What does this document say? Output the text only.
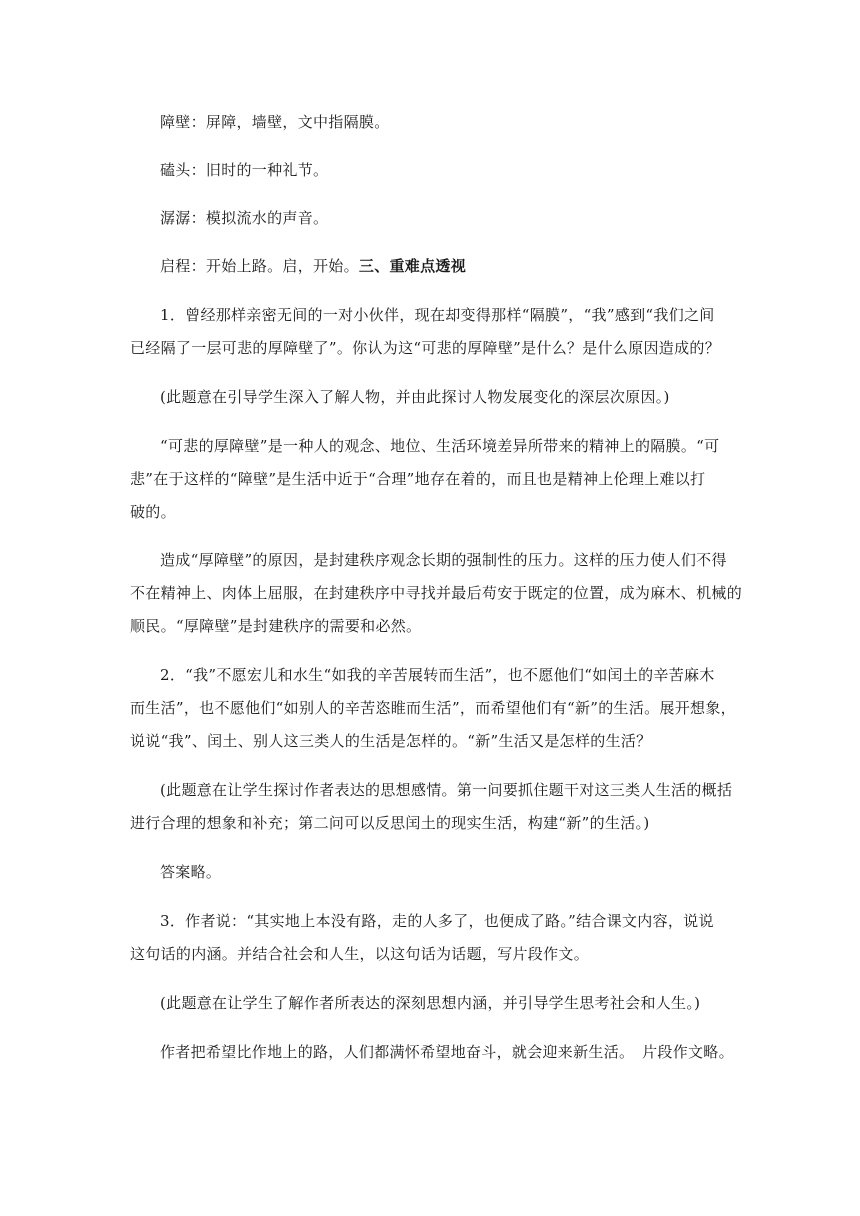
障壁：屏障，墙壁，文中指隔膜。
磕头：旧时的一种礼节。
潺潺：模拟流水的声音。
启程：开始上路。启，开始。三、重难点透视
1．曾经那样亲密无间的一对小伙伴，现在却变得那样“隔膜”，“我”感到“我们之间
已经隔了一层可悲的厚障壁了”。你认为这“可悲的厚障壁”是什么？是什么原因造成的？
(此题意在引导学生深入了解人物，并由此探讨人物发展变化的深层次原因。)
“可悲的厚障壁”是一种人的观念、地位、生活环境差异所带来的精神上的隔膜。“可
悲”在于这样的“障壁”是生活中近于“合理”地存在着的，而且也是精神上伦理上难以打
破的。
造成“厚障壁”的原因，是封建秩序观念长期的强制性的压力。这样的压力使人们不得
不在精神上、肉体上屈服，在封建秩序中寻找并最后苟安于既定的位置，成为麻木、机械的
顺民。“厚障壁”是封建秩序的需要和必然。
2．“我”不愿宏儿和水生“如我的辛苦展转而生活”，也不愿他们“如闰土的辛苦麻木
而生活”，也不愿他们“如别人的辛苦恣睢而生活”，而希望他们有“新”的生活。展开想象，
说说“我”、闰土、别人这三类人的生活是怎样的。“新”生活又是怎样的生活？
(此题意在让学生探讨作者表达的思想感情。第一问要抓住题干对这三类人生活的概括
进行合理的想象和补充；第二问可以反思闰土的现实生活，构建“新”的生活。)
答案略。
3．作者说：“其实地上本没有路，走的人多了，也便成了路。”结合课文内容，说说
这句话的内涵。并结合社会和人生，以这句话为话题，写片段作文。
(此题意在让学生了解作者所表达的深刻思想内涵，并引导学生思考社会和人生。)
作者把希望比作地上的路，人们都满怀希望地奋斗，就会迎来新生活。　片段作文略。
